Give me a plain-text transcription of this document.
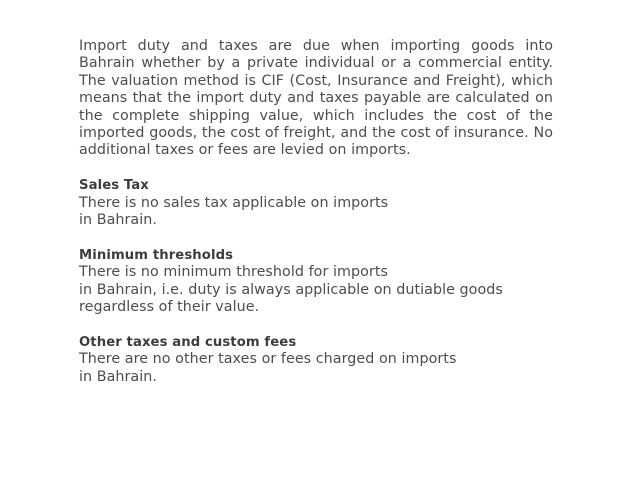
Import duty and taxes are due when importing goods into Bahrain whether by a private individual or a commercial entity. The valuation method is CIF (Cost, Insurance and Freight), which means that the import duty and taxes payable are calculated on the complete shipping value, which includes the cost of the imported goods, the cost of freight, and the cost of insurance. No additional taxes or fees are levied on imports.

Sales Tax

There is no sales tax applicable on imports
in Bahrain.

Minimum thresholds

There is no minimum threshold for imports
in Bahrain, i.e. duty is always applicable on dutiable goods regardless of their value.

Other taxes and custom fees

There are no other taxes or fees charged on imports
in Bahrain.
